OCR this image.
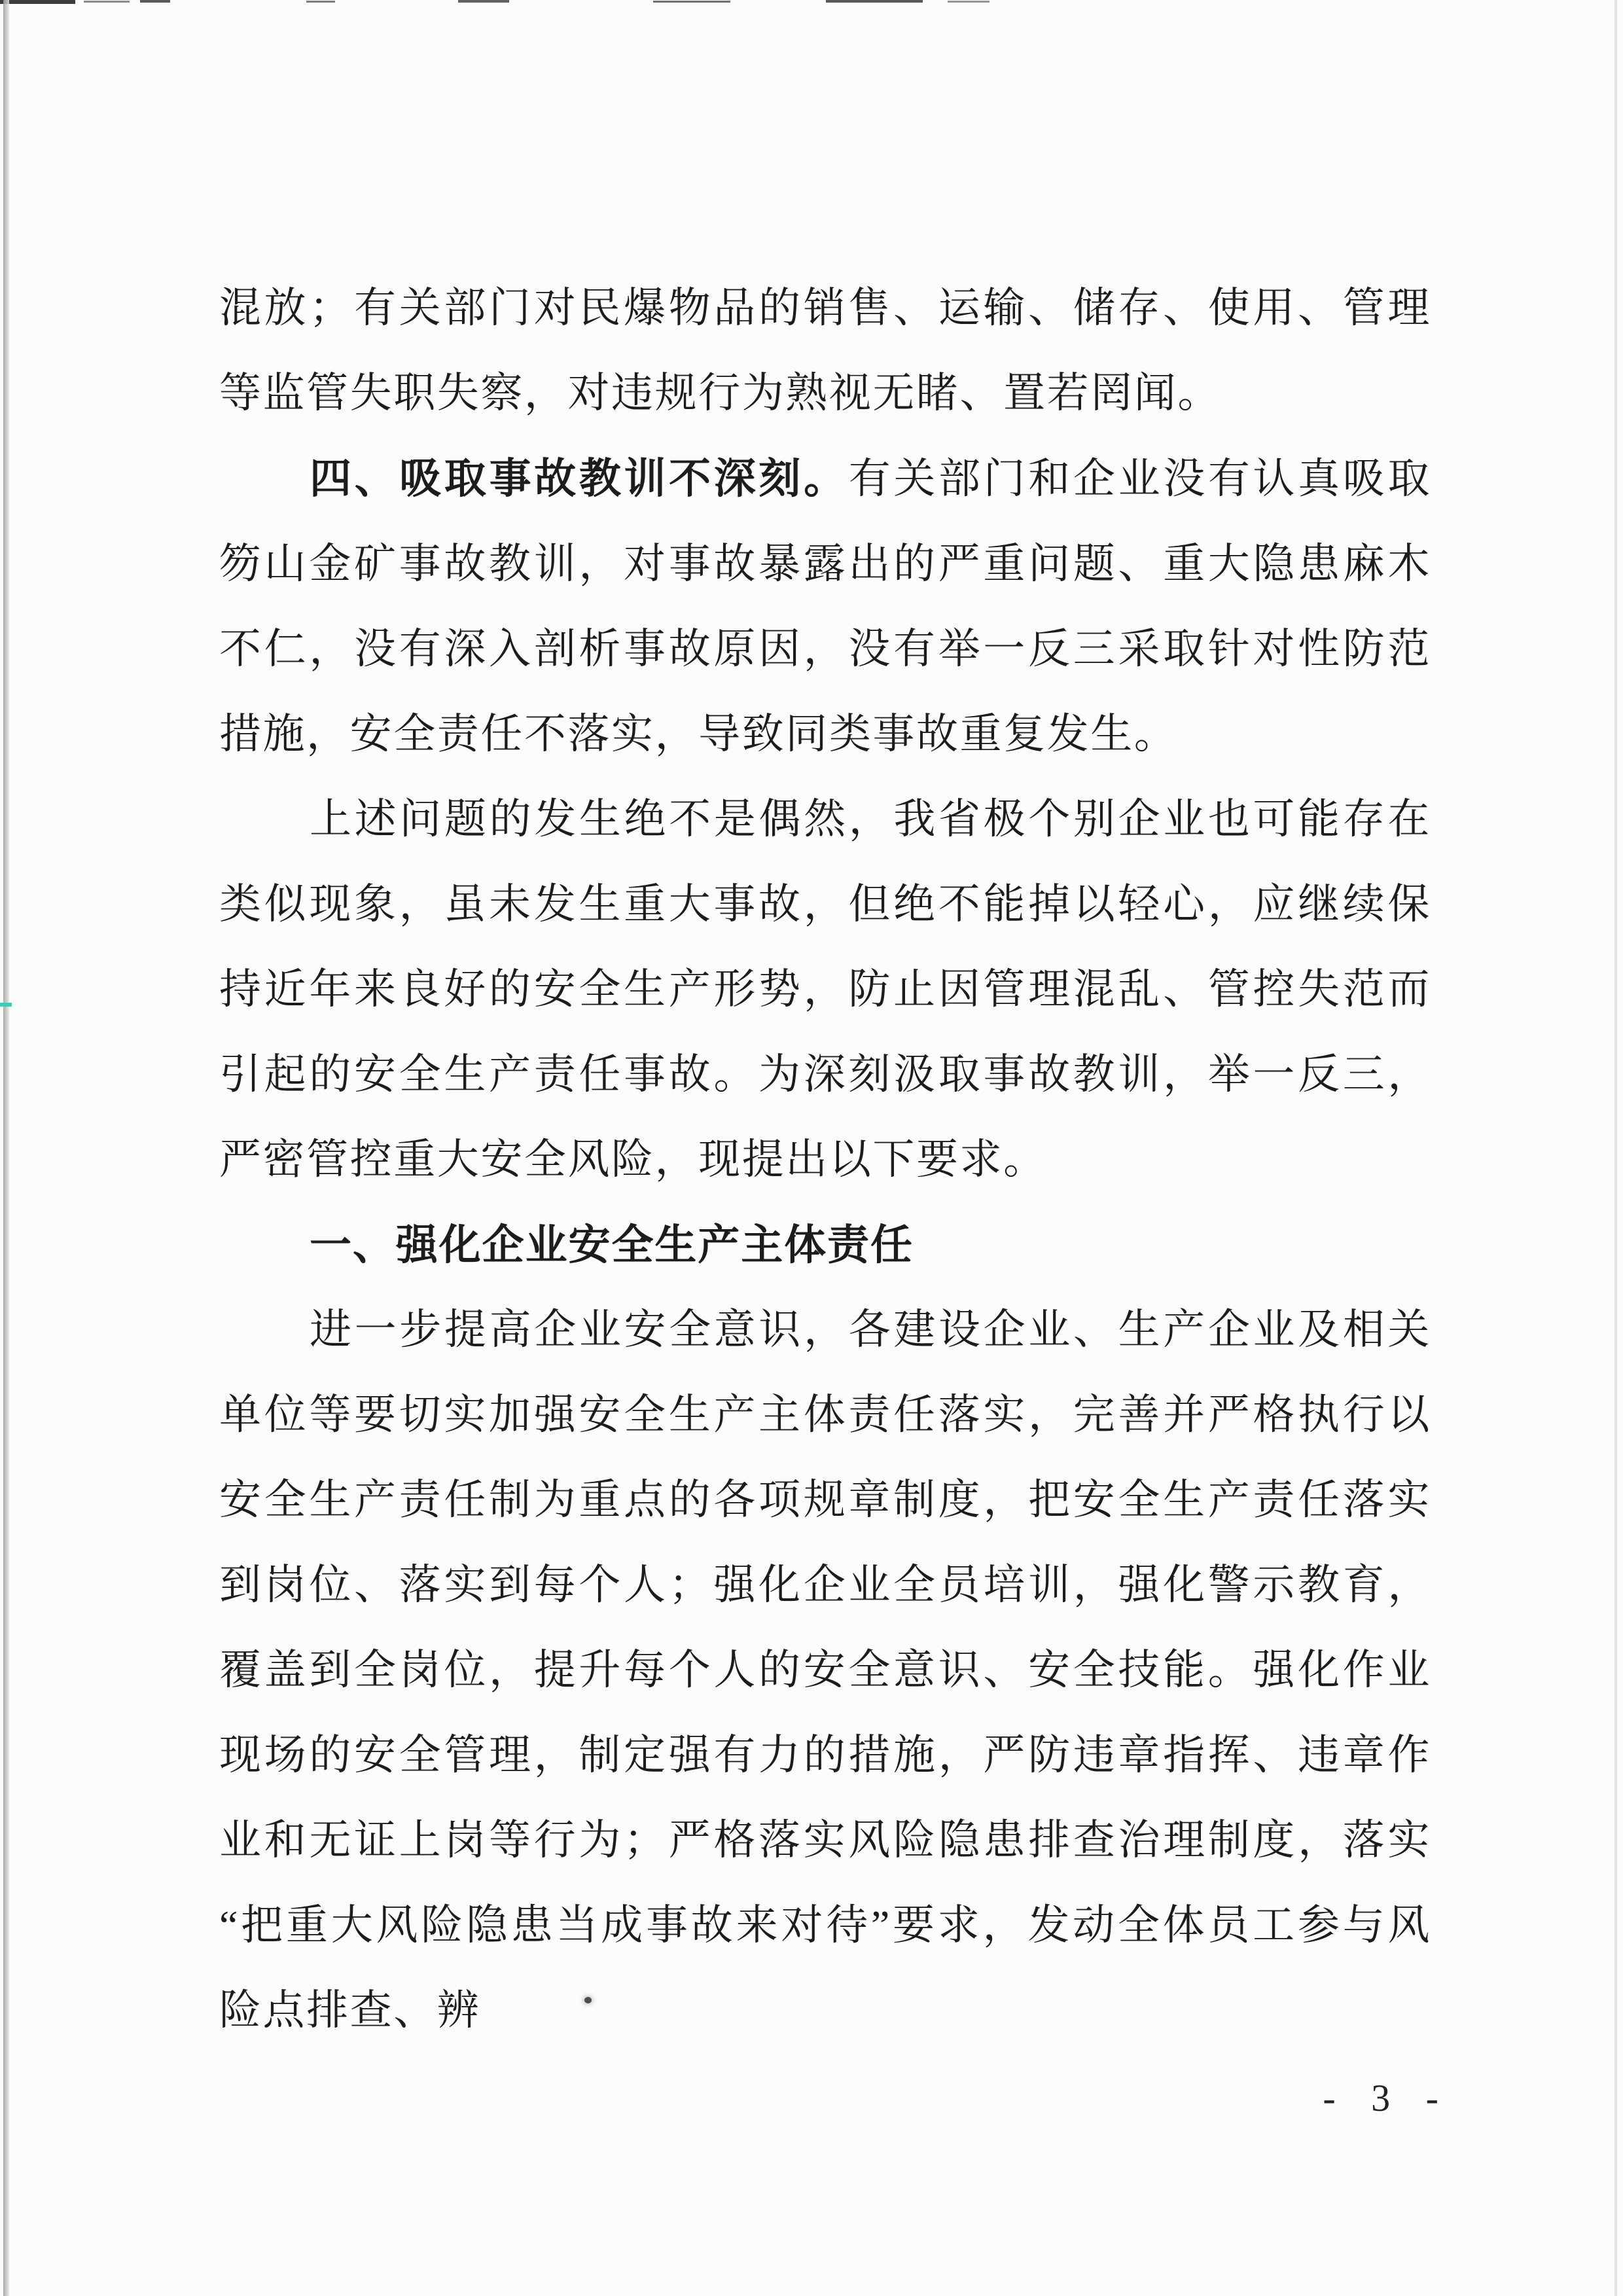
混放；有关部门对民爆物品的销售、运输、储存、使用、管理等监管失职失察，对违规行为熟视无睹、置若罔闻。

四、吸取事故教训不深刻。有关部门和企业没有认真吸取笏山金矿事故教训，对事故暴露出的严重问题、重大隐患麻木不仁，没有深入剖析事故原因，没有举一反三采取针对性防范措施，安全责任不落实，导致同类事故重复发生。

上述问题的发生绝不是偶然，我省极个别企业也可能存在类似现象，虽未发生重大事故，但绝不能掉以轻心，应继续保持近年来良好的安全生产形势，防止因管理混乱、管控失范而引起的安全生产责任事故。为深刻汲取事故教训，举一反三，严密管控重大安全风险，现提出以下要求。

一、强化企业安全生产主体责任

进一步提高企业安全意识，各建设企业、生产企业及相关单位等要切实加强安全生产主体责任落实，完善并严格执行以安全生产责任制为重点的各项规章制度，把安全生产责任落实到岗位、落实到每个人；强化企业全员培训，强化警示教育，覆盖到全岗位，提升每个人的安全意识、安全技能。强化作业现场的安全管理，制定强有力的措施，严防违章指挥、违章作业和无证上岗等行为；严格落实风险隐患排查治理制度，落实“把重大风险隐患当成事故来对待”要求，发动全体员工参与风险点排查、辨

- 3 -
